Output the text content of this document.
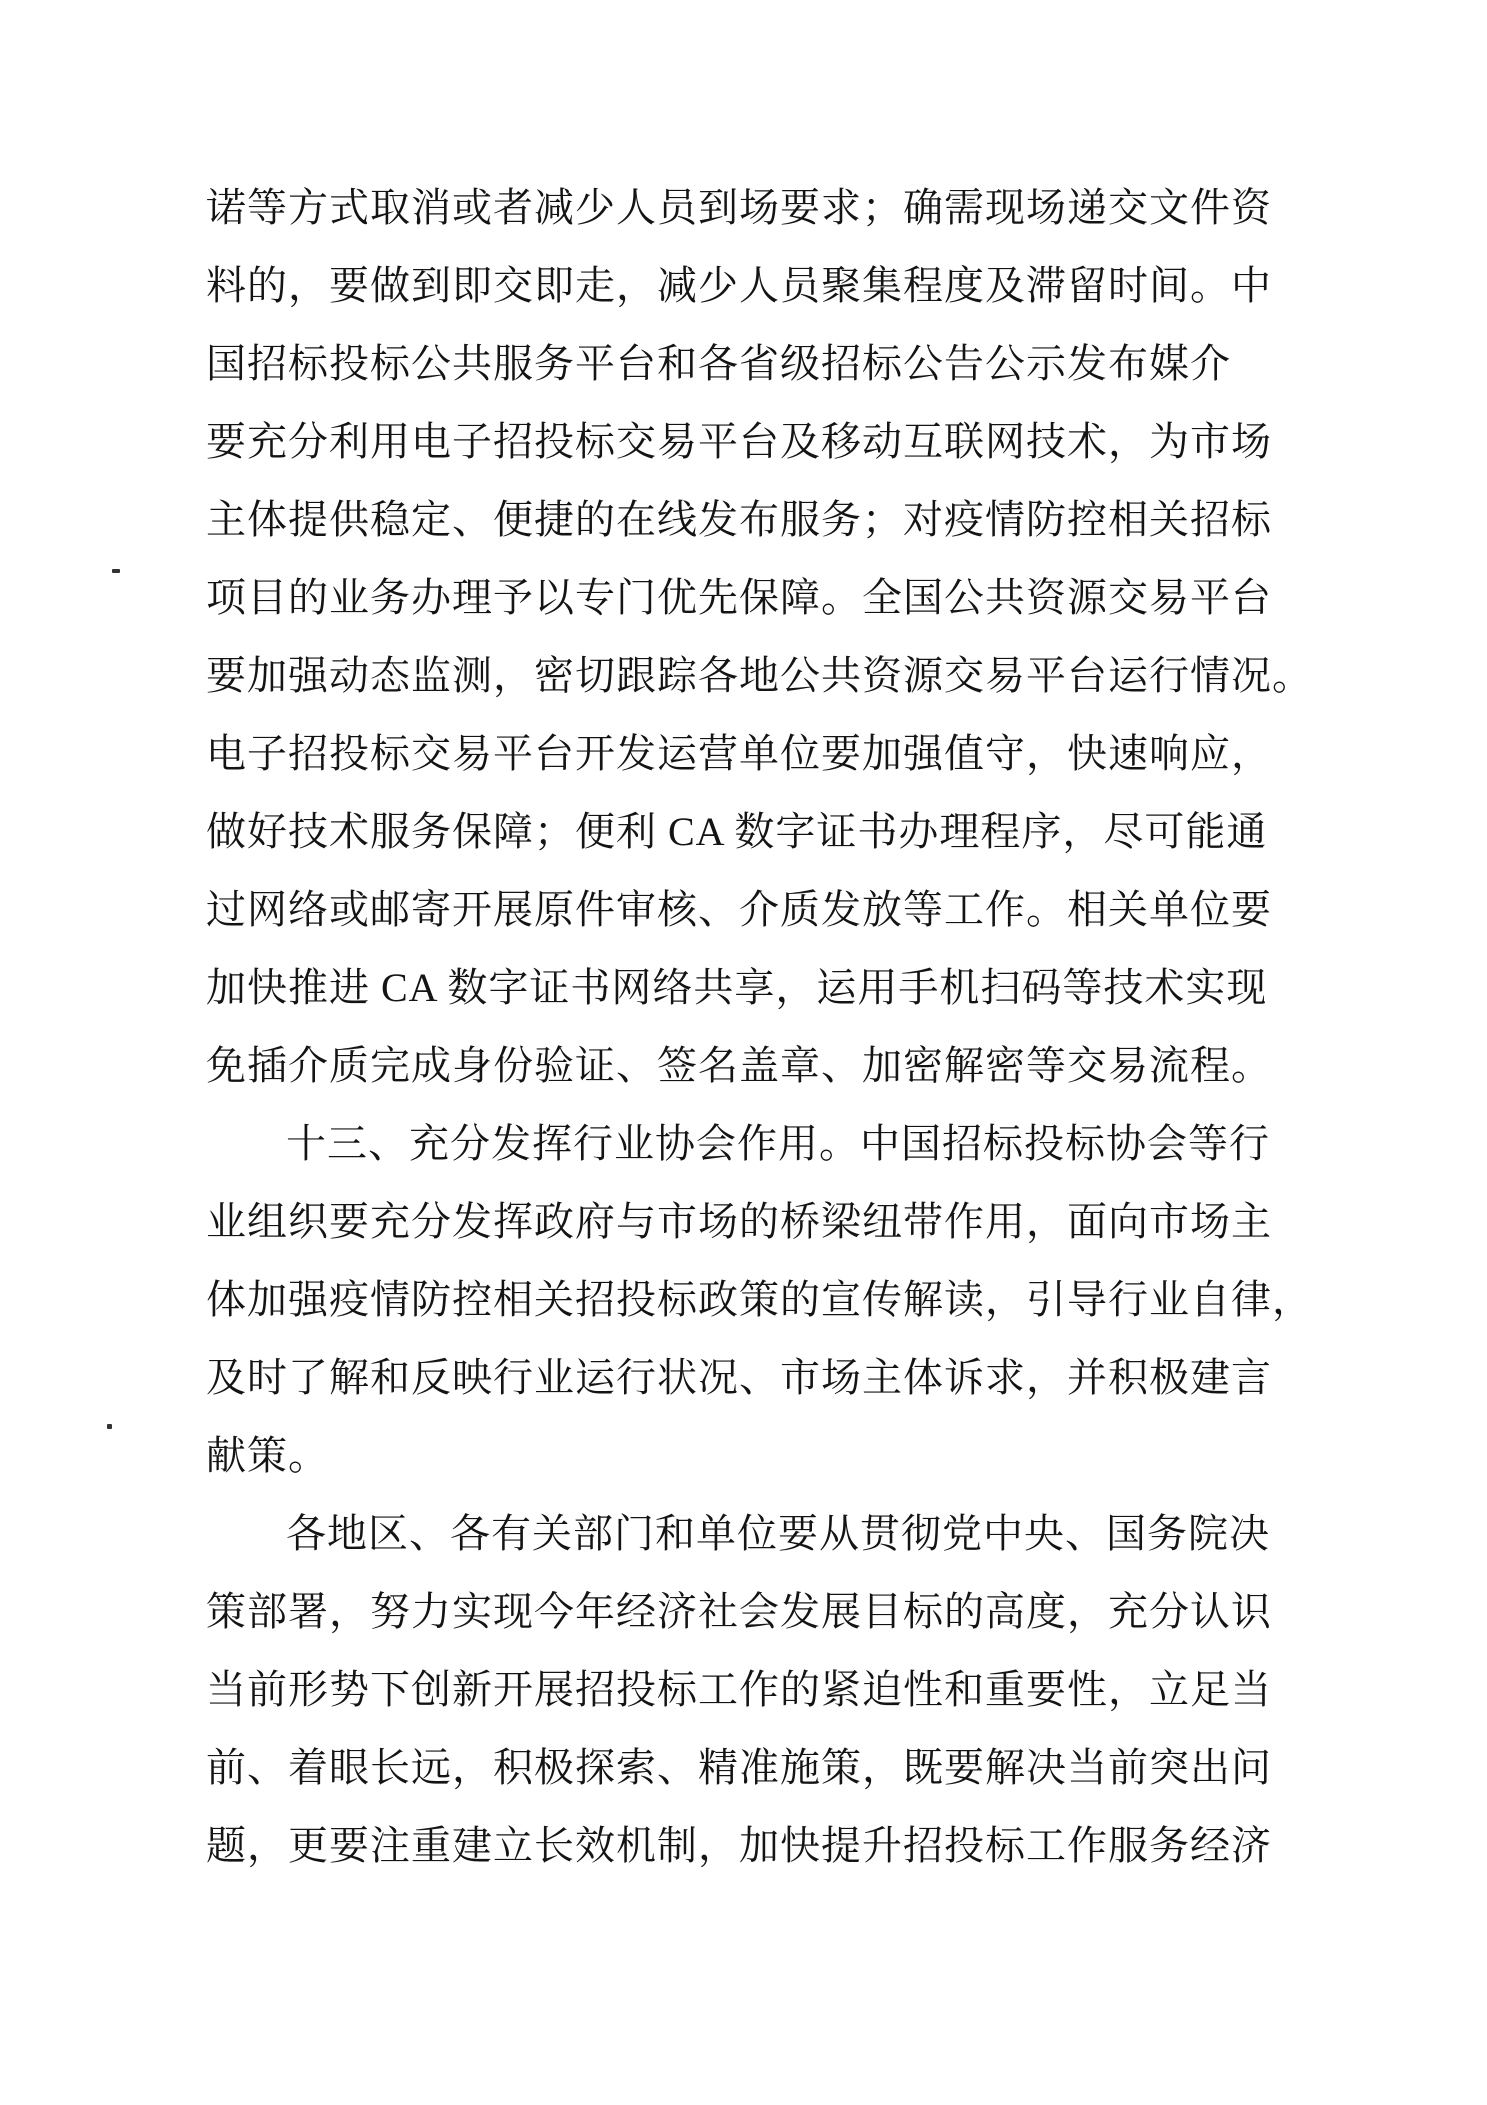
诺等方式取消或者减少人员到场要求；确需现场递交文件资
料的，要做到即交即走，减少人员聚集程度及滞留时间。中
国招标投标公共服务平台和各省级招标公告公示发布媒介
要充分利用电子招投标交易平台及移动互联网技术，为市场
主体提供稳定、便捷的在线发布服务；对疫情防控相关招标
项目的业务办理予以专门优先保障。全国公共资源交易平台
要加强动态监测，密切跟踪各地公共资源交易平台运行情况。
电子招投标交易平台开发运营单位要加强值守，快速响应，
做好技术服务保障；便利 CA 数字证书办理程序，尽可能通
过网络或邮寄开展原件审核、介质发放等工作。相关单位要
加快推进 CA 数字证书网络共享，运用手机扫码等技术实现
免插介质完成身份验证、签名盖章、加密解密等交易流程。
十三、充分发挥行业协会作用。中国招标投标协会等行
业组织要充分发挥政府与市场的桥梁纽带作用，面向市场主
体加强疫情防控相关招投标政策的宣传解读，引导行业自律，
及时了解和反映行业运行状况、市场主体诉求，并积极建言
献策。
各地区、各有关部门和单位要从贯彻党中央、国务院决
策部署，努力实现今年经济社会发展目标的高度，充分认识
当前形势下创新开展招投标工作的紧迫性和重要性，立足当
前、着眼长远，积极探索、精准施策，既要解决当前突出问
题，更要注重建立长效机制，加快提升招投标工作服务经济
